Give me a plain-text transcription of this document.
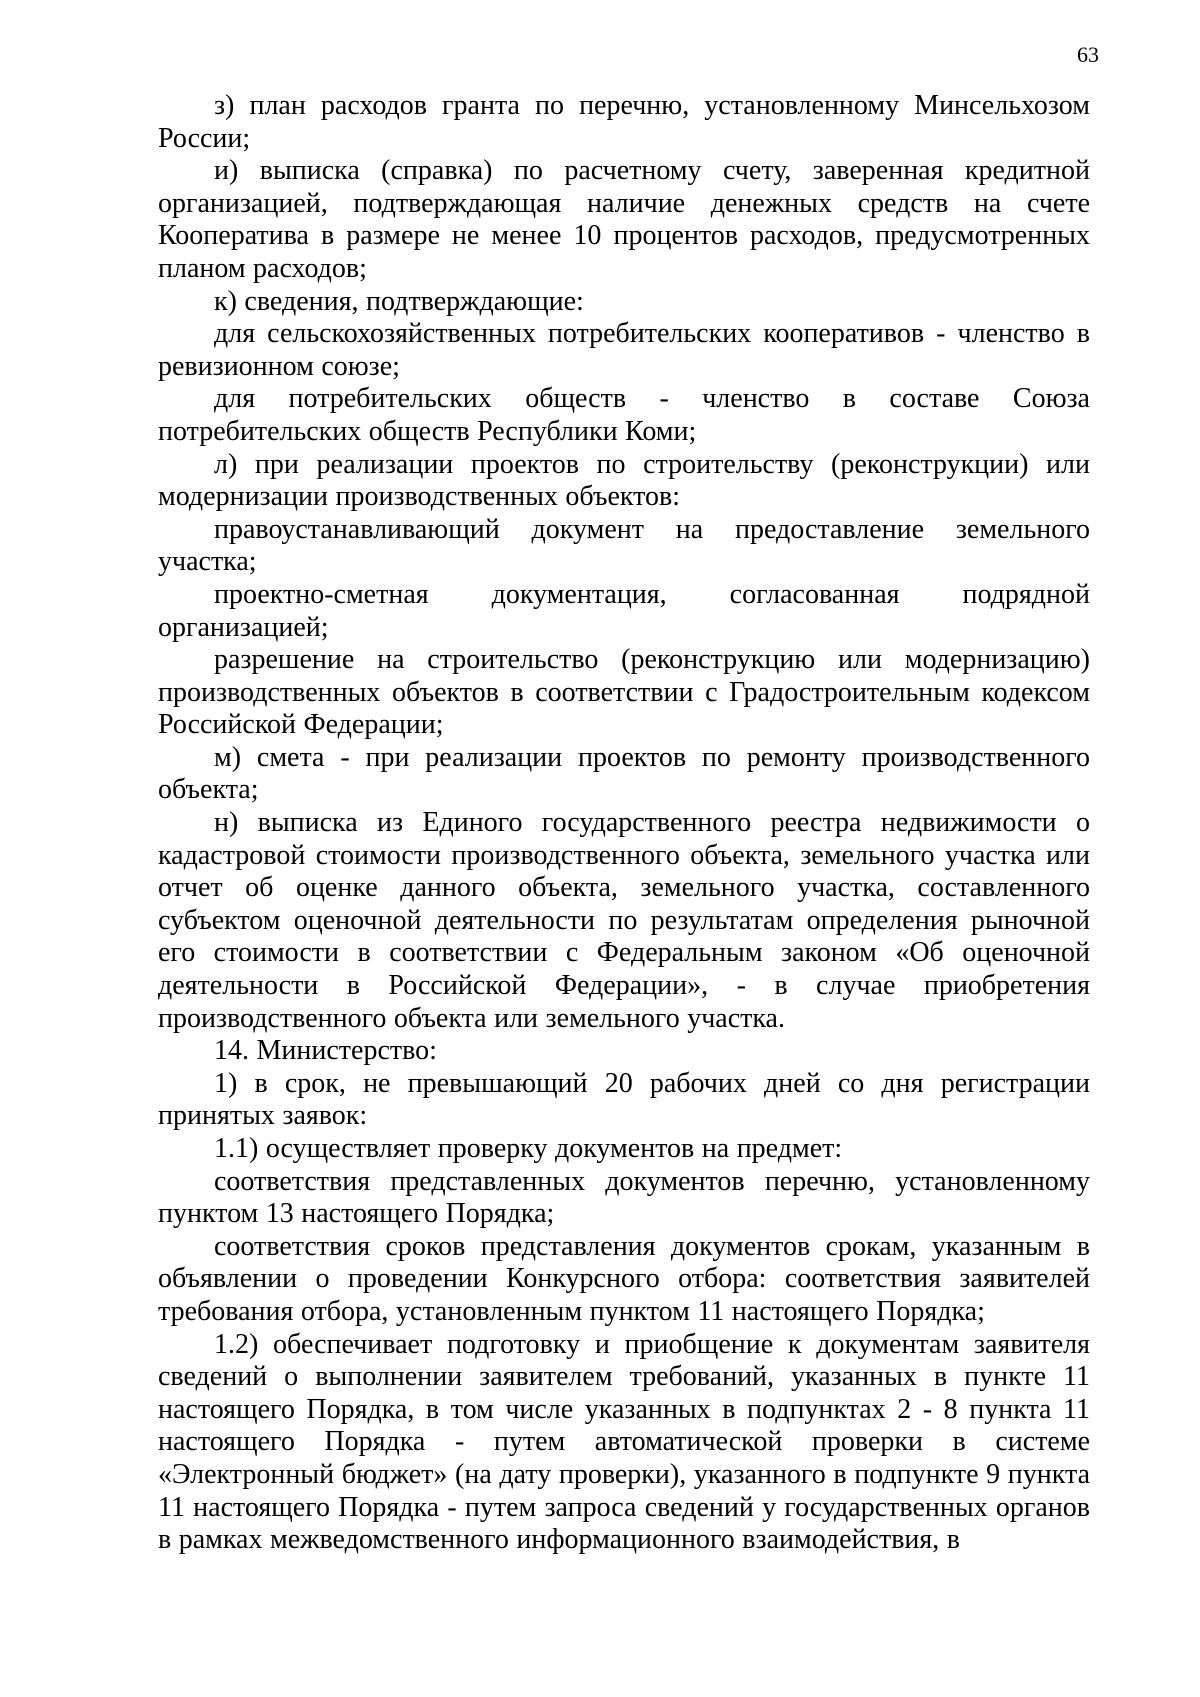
63

з) план расходов гранта по перечню, установленному Минсельхозом России;

и) выписка (справка) по расчетному счету, заверенная кредитной организацией, подтверждающая наличие денежных средств на счете Кооператива в размере не менее 10 процентов расходов, предусмотренных планом расходов;

к) сведения, подтверждающие:

для сельскохозяйственных потребительских кооперативов - членство в ревизионном союзе;

для потребительских обществ - членство в составе Союза потребительских обществ Республики Коми;

л) при реализации проектов по строительству (реконструкции) или модернизации производственных объектов:

правоустанавливающий документ на предоставление земельного участка;

проектно-сметная документация, согласованная подрядной организацией;

разрешение на строительство (реконструкцию или модернизацию) производственных объектов в соответствии с Градостроительным кодексом Российской Федерации;

м) смета - при реализации проектов по ремонту производственного объекта;

н) выписка из Единого государственного реестра недвижимости о кадастровой стоимости производственного объекта, земельного участка или отчет об оценке данного объекта, земельного участка, составленного субъектом оценочной деятельности по результатам определения рыночной его стоимости в соответствии с Федеральным законом «Об оценочной деятельности в Российской Федерации», - в случае приобретения производственного объекта или земельного участка.

14. Министерство:

1) в срок, не превышающий 20 рабочих дней со дня регистрации принятых заявок:

1.1) осуществляет проверку документов на предмет:

соответствия представленных документов перечню, установленному пунктом 13 настоящего Порядка;

соответствия сроков представления документов срокам, указанным в объявлении о проведении Конкурсного отбора: соответствия заявителей требования отбора, установленным пунктом 11 настоящего Порядка;

1.2) обеспечивает подготовку и приобщение к документам заявителя сведений о выполнении заявителем требований, указанных в пункте 11 настоящего Порядка, в том числе указанных в подпунктах 2 - 8 пункта 11 настоящего Порядка - путем автоматической проверки в системе «Электронный бюджет» (на дату проверки), указанного в подпункте 9 пункта 11 настоящего Порядка - путем запроса сведений у государственных органов в рамках межведомственного информационного взаимодействия, в
